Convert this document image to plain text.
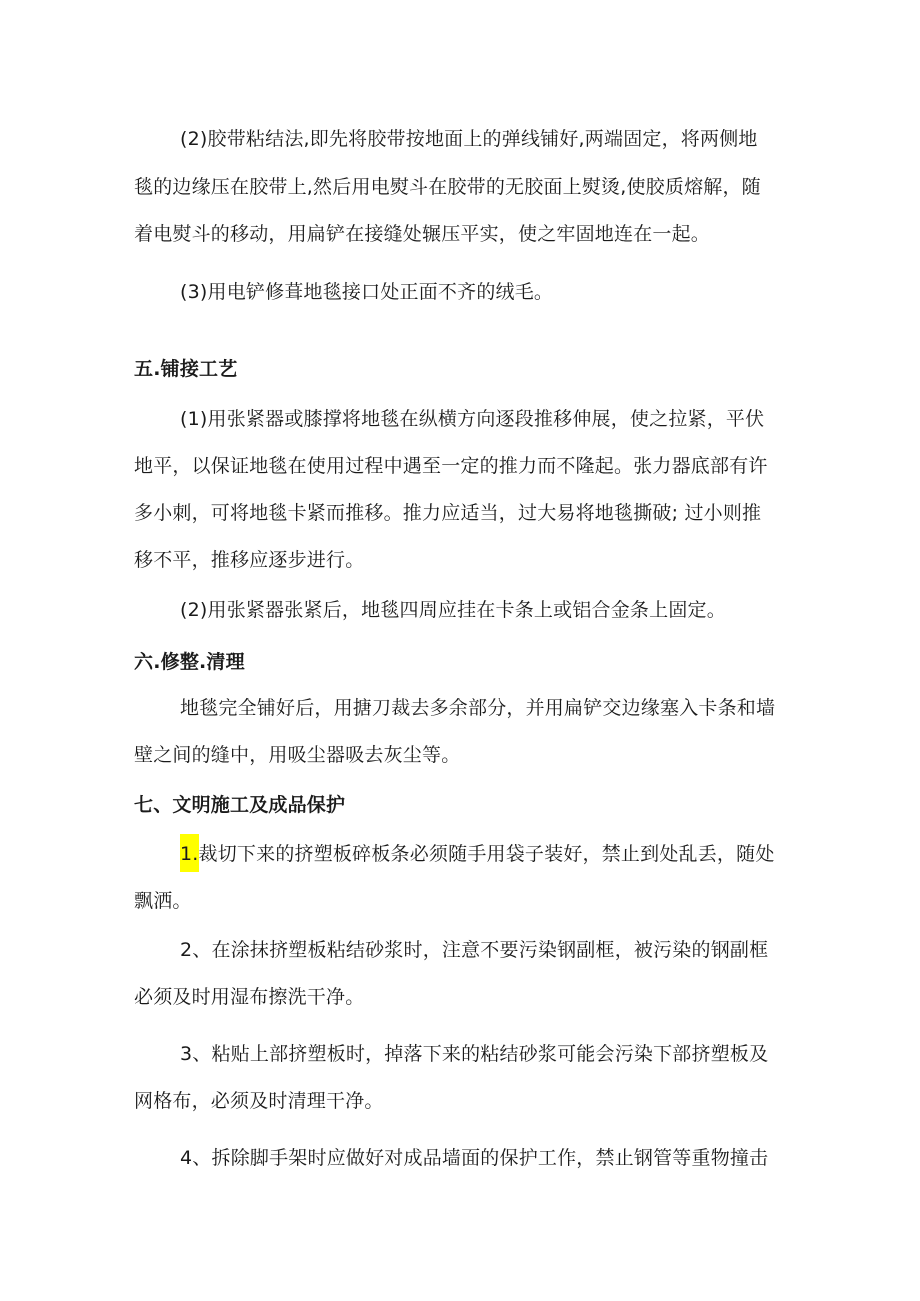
(2)胶带粘结法,即先将胶带按地面上的弹线铺好,两端固定，将两侧地
毯的边缘压在胶带上,然后用电熨斗在胶带的无胶面上熨烫,使胶质熔解，随
着电熨斗的移动，用扁铲在接缝处辗压平实，使之牢固地连在一起。
(3)用电铲修葺地毯接口处正面不齐的绒毛。
五.铺接工艺
(1)用张紧器或膝撑将地毯在纵横方向逐段推移伸展，使之拉紧，平伏
地平，以保证地毯在使用过程中遇至一定的推力而不隆起。张力器底部有许
多小刺，可将地毯卡紧而推移。推力应适当，过大易将地毯撕破; 过小则推
移不平，推移应逐步进行。
(2)用张紧器张紧后，地毯四周应挂在卡条上或铝合金条上固定。
六.修整.清理
地毯完全铺好后，用搪刀裁去多余部分，并用扁铲交边缘塞入卡条和墙
壁之间的缝中，用吸尘器吸去灰尘等。
七、文明施工及成品保护
1.裁切下来的挤塑板碎板条必须随手用袋子装好，禁止到处乱丢，随处
飘洒。
2、在涂抹挤塑板粘结砂浆时，注意不要污染钢副框，被污染的钢副框
必须及时用湿布擦洗干净。
3、粘贴上部挤塑板时，掉落下来的粘结砂浆可能会污染下部挤塑板及
网格布，必须及时清理干净。
4、拆除脚手架时应做好对成品墙面的保护工作，禁止钢管等重物撞击
